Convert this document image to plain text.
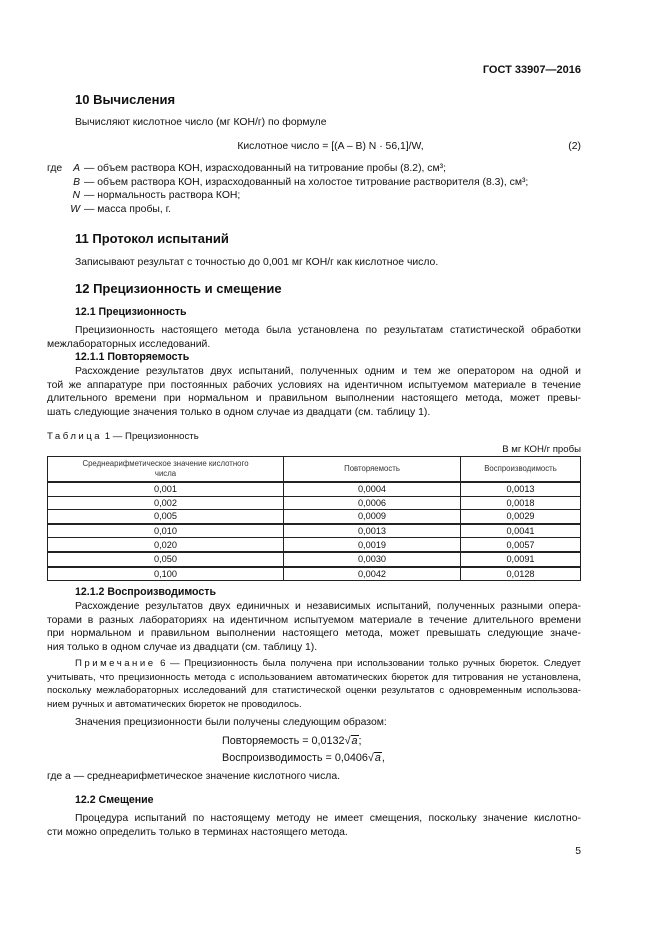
ГОСТ 33907—2016
10 Вычисления
Вычисляют кислотное число (мг КОН/г) по формуле
Кислотное число = [(A – B) N · 56,1]/W,	(2)
где	A — объем раствора КОН, израсходованный на титрование пробы (8.2), см³;
B — объем раствора КОН, израсходованный на холостое титрование растворителя (8.3), см³;
N — нормальность раствора КОН;
W — масса пробы, г.
11 Протокол испытаний
Записывают результат с точностью до 0,001 мг КОН/г как кислотное число.
12 Прецизионность и смещение
12.1 Прецизионность
Прецизионность настоящего метода была установлена по результатам статистической обработки
межлабораторных исследований.
12.1.1 Повторяемость
Расхождение результатов двух испытаний, полученных одним и тем же оператором на одной и
той же аппаратуре при постоянных рабочих условиях на идентичном испытуемом материале в течение
длительного времени при нормальном и правильном выполнении настоящего метода, может превы-
шать следующие значения только в одном случае из двадцати (см. таблицу 1).
Таблица 1 — Прецизионность
В мг КОН/г пробы
Среднеарифметическое значение кислотного числа	Повторяемость	Воспроизводимость
0,001	0,0004	0,0013
0,002	0,0006	0,0018
0,005	0,0009	0,0029
0,010	0,0013	0,0041
0,020	0,0019	0,0057
0,050	0,0030	0,0091
0,100	0,0042	0,0128
12.1.2 Воспроизводимость
Расхождение результатов двух единичных и независимых испытаний, полученных разными опера-
торами в разных лабораториях на идентичном испытуемом материале в течение длительного времени
при нормальном и правильном выполнении настоящего метода, может превышать следующие значе-
ния только в одном случае из двадцати (см. таблицу 1).
Примечание 6 — Прецизионность была получена при использовании только ручных бюреток. Следует
учитывать, что прецизионность метода с использованием автоматических бюреток для титрования не установлена,
поскольку межлабораторных исследований для статистической оценки результатов с одновременным использова-
нием ручных и автоматических бюреток не проводилось.
Значения прецизионности были получены следующим образом:
Повторяемость = 0,0132√a;
Воспроизводимость = 0,0406√a,
где a — среднеарифметическое значение кислотного числа.
12.2 Смещение
Процедура испытаний по настоящему методу не имеет смещения, поскольку значение кислотно-
сти можно определить только в терминах настоящего метода.
5
